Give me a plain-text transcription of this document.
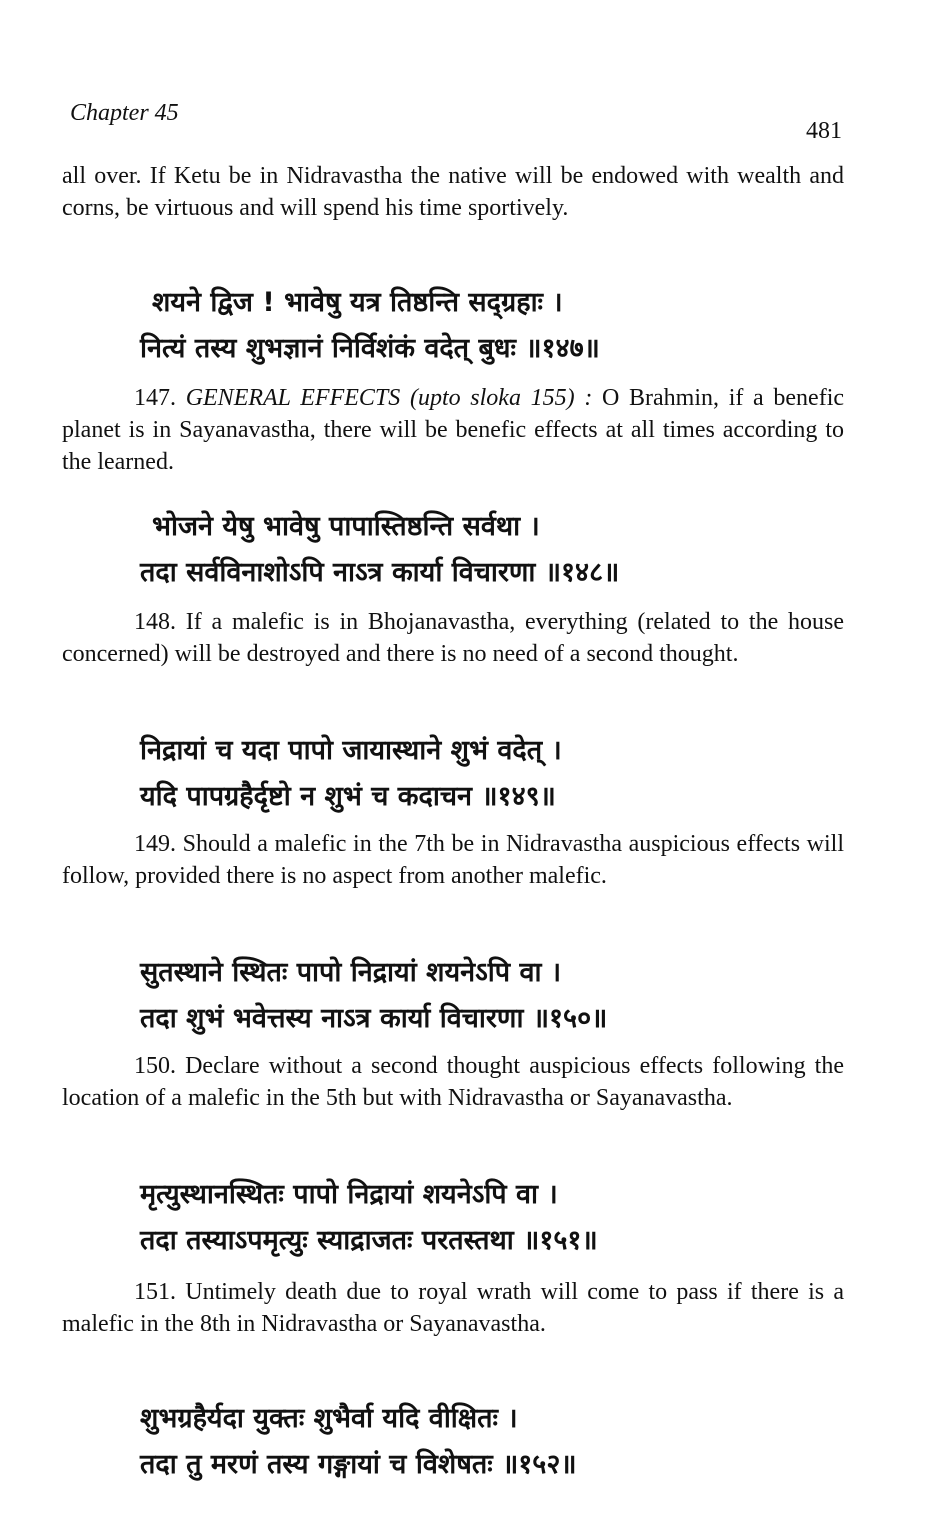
Chapter 45
481

all over. If Ketu be in Nidravastha the native will be endowed with wealth and corns, be virtuous and will spend his time sportively.

शयने द्विज ! भावेषु यत्र तिष्ठन्ति सद्ग्रहाः ।
नित्यं तस्य शुभज्ञानं निर्विशंकं वदेत् बुधः ॥१४७॥

147. GENERAL EFFECTS (upto sloka 155) : O Brahmin, if a benefic planet is in Sayanavastha, there will be benefic effects at all times according to the learned.

भोजने येषु भावेषु पापास्तिष्ठन्ति सर्वथा ।
तदा सर्वविनाशोऽपि नाऽत्र कार्या विचारणा ॥१४८॥

148. If a malefic is in Bhojanavastha, everything (related to the house concerned) will be destroyed and there is no need of a second thought.

निद्रायां च यदा पापो जायास्थाने शुभं वदेत् ।
यदि पापग्रहैर्दृष्टो न शुभं च कदाचन ॥१४९॥

149. Should a malefic in the 7th be in Nidravastha auspicious effects will follow, provided there is no aspect from another malefic.

सुतस्थाने स्थितः पापो निद्रायां शयनेऽपि वा ।
तदा शुभं भवेत्तस्य नाऽत्र कार्या विचारणा ॥१५०॥

150. Declare without a second thought auspicious effects following the location of a malefic in the 5th but with Nidravastha or Sayanavastha.

मृत्युस्थानस्थितः पापो निद्रायां शयनेऽपि वा ।
तदा तस्याऽपमृत्युः स्याद्राजतः परतस्तथा ॥१५१॥

151. Untimely death due to royal wrath will come to pass if there is a malefic in the 8th in Nidravastha or Sayanavastha.

शुभग्रहैर्यदा युक्तः शुभैर्वा यदि वीक्षितः ।
तदा तु मरणं तस्य गङ्गायां च विशेषतः ॥१५२॥
